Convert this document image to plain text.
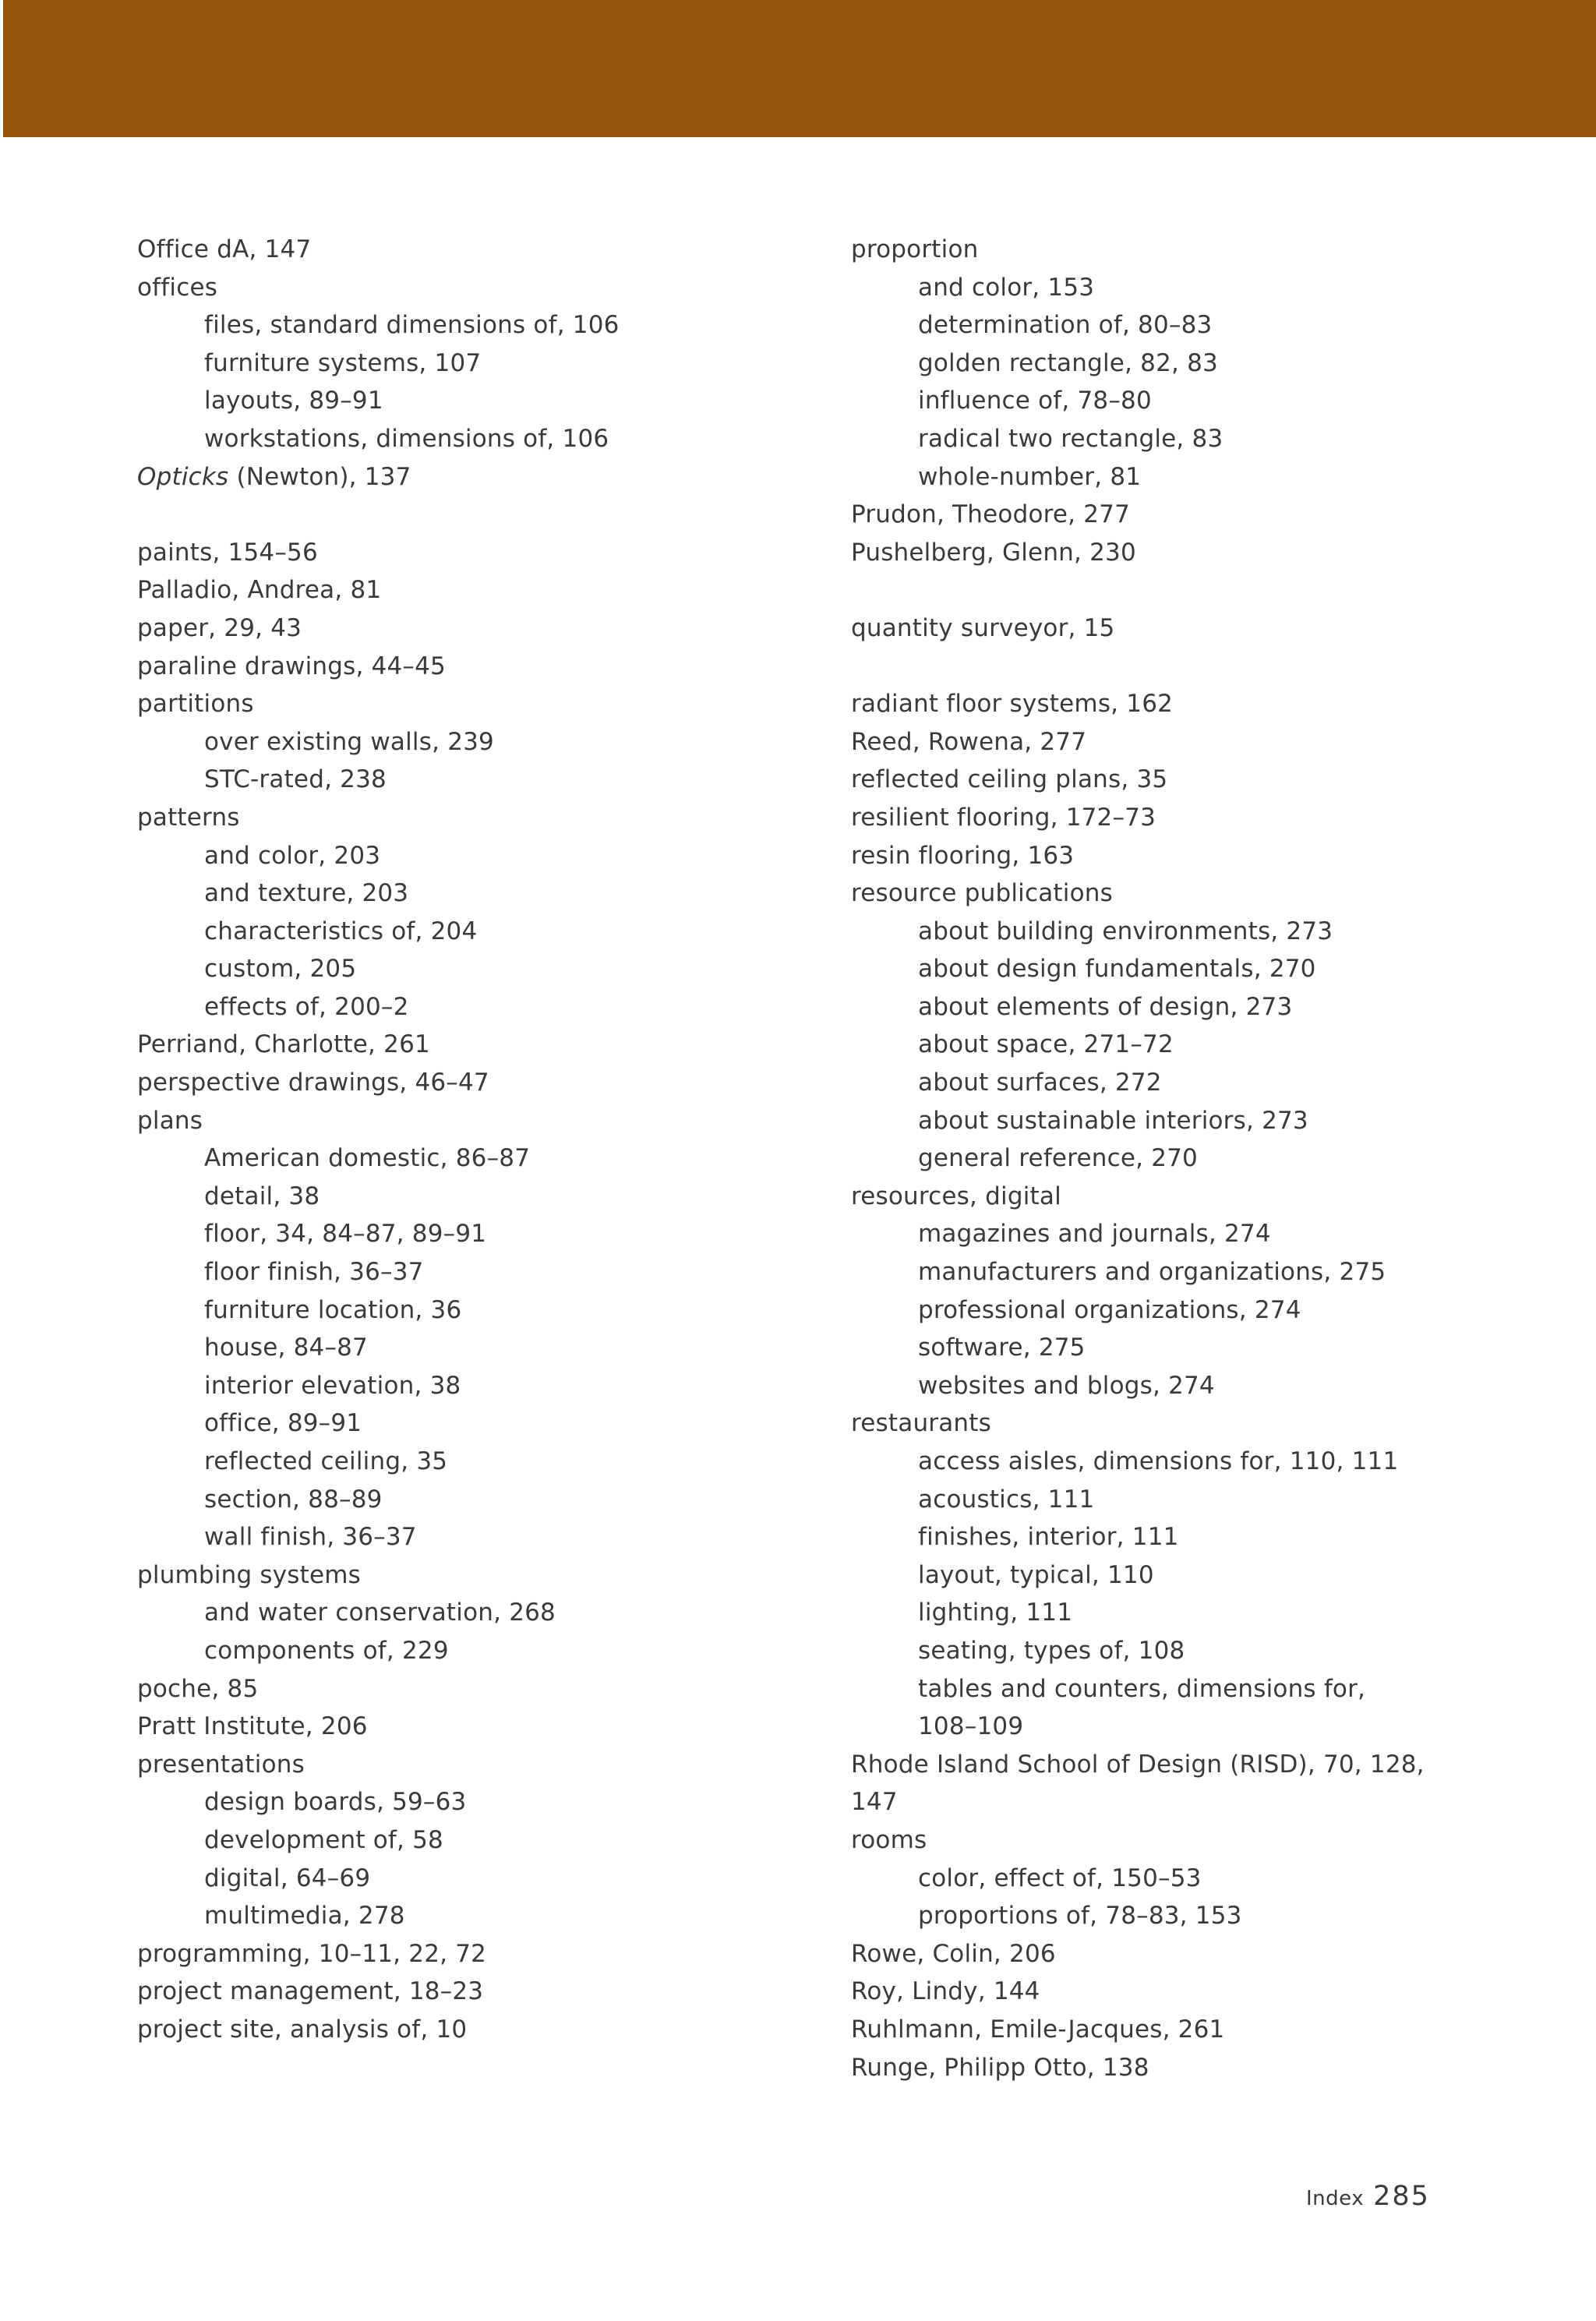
Office dA, 147
offices
files, standard dimensions of, 106
furniture systems, 107
layouts, 89–91
workstations, dimensions of, 106
Opticks (Newton), 137
paints, 154–56
Palladio, Andrea, 81
paper, 29, 43
paraline drawings, 44–45
partitions
over existing walls, 239
STC-rated, 238
patterns
and color, 203
and texture, 203
characteristics of, 204
custom, 205
effects of, 200–2
Perriand, Charlotte, 261
perspective drawings, 46–47
plans
American domestic, 86–87
detail, 38
floor, 34, 84–87, 89–91
floor finish, 36–37
furniture location, 36
house, 84–87
interior elevation, 38
office, 89–91
reflected ceiling, 35
section, 88–89
wall finish, 36–37
plumbing systems
and water conservation, 268
components of, 229
poche, 85
Pratt Institute, 206
presentations
design boards, 59–63
development of, 58
digital, 64–69
multimedia, 278
programming, 10–11, 22, 72
project management, 18–23
project site, analysis of, 10
proportion
and color, 153
determination of, 80–83
golden rectangle, 82, 83
influence of, 78–80
radical two rectangle, 83
whole-number, 81
Prudon, Theodore, 277
Pushelberg, Glenn, 230
quantity surveyor, 15
radiant floor systems, 162
Reed, Rowena, 277
reflected ceiling plans, 35
resilient flooring, 172–73
resin flooring, 163
resource publications
about building environments, 273
about design fundamentals, 270
about elements of design, 273
about space, 271–72
about surfaces, 272
about sustainable interiors, 273
general reference, 270
resources, digital
magazines and journals, 274
manufacturers and organizations, 275
professional organizations, 274
software, 275
websites and blogs, 274
restaurants
access aisles, dimensions for, 110, 111
acoustics, 111
finishes, interior, 111
layout, typical, 110
lighting, 111
seating, types of, 108
tables and counters, dimensions for,
108–109
Rhode Island School of Design (RISD), 70, 128,
147
rooms
color, effect of, 150–53
proportions of, 78–83, 153
Rowe, Colin, 206
Roy, Lindy, 144
Ruhlmann, Emile-Jacques, 261
Runge, Philipp Otto, 138
Index 285
